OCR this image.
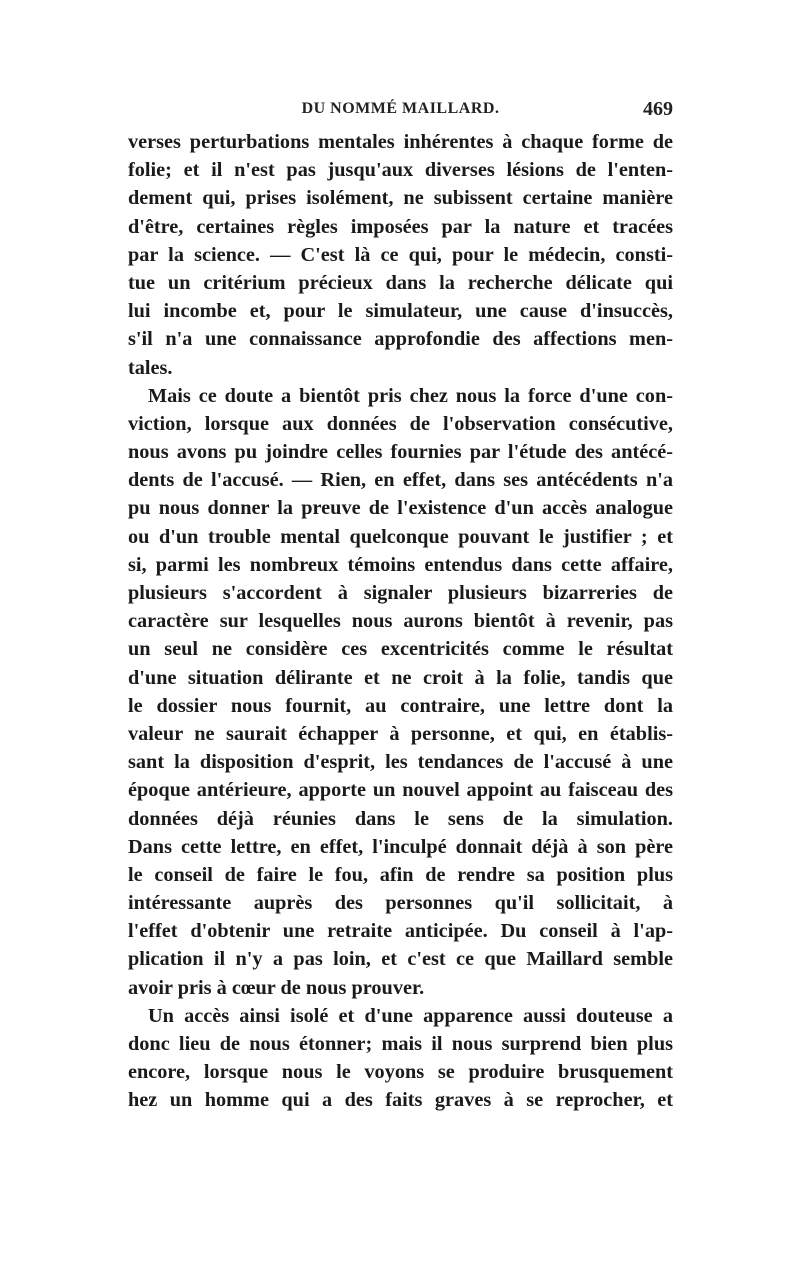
DU NOMMÉ MAILLARD.	469
verses perturbations mentales inhérentes à chaque forme de
folie; et il n'est pas jusqu'aux diverses lésions de l'enten-
dement qui, prises isolément, ne subissent certaine manière
d'être, certaines règles imposées par la nature et tracées
par la science. — C'est là ce qui, pour le médecin, consti-
tue un critérium précieux dans la recherche délicate qui
lui incombe et, pour le simulateur, une cause d'insuccès,
s'il n'a une connaissance approfondie des affections men-
tales.
Mais ce doute a bientôt pris chez nous la force d'une con-
viction, lorsque aux données de l'observation consécutive,
nous avons pu joindre celles fournies par l'étude des antécé-
dents de l'accusé. — Rien, en effet, dans ses antécédents n'a
pu nous donner la preuve de l'existence d'un accès analogue
ou d'un trouble mental quelconque pouvant le justifier ; et
si, parmi les nombreux témoins entendus dans cette affaire,
plusieurs s'accordent à signaler plusieurs bizarreries de
caractère sur lesquelles nous aurons bientôt à revenir, pas
un seul ne considère ces excentricités comme le résultat
d'une situation délirante et ne croit à la folie, tandis que
le dossier nous fournit, au contraire, une lettre dont la
valeur ne saurait échapper à personne, et qui, en établis-
sant la disposition d'esprit, les tendances de l'accusé à une
époque antérieure, apporte un nouvel appoint au faisceau des
données déjà réunies dans le sens de la simulation.
Dans cette lettre, en effet, l'inculpé donnait déjà à son père
le conseil de faire le fou, afin de rendre sa position plus
intéressante auprès des personnes qu'il sollicitait, à
l'effet d'obtenir une retraite anticipée. Du conseil à l'ap-
plication il n'y a pas loin, et c'est ce que Maillard semble
avoir pris à cœur de nous prouver.
Un accès ainsi isolé et d'une apparence aussi douteuse a
donc lieu de nous étonner; mais il nous surprend bien plus
encore, lorsque nous le voyons se produire brusquement
hez un homme qui a des faits graves à se reprocher, et
